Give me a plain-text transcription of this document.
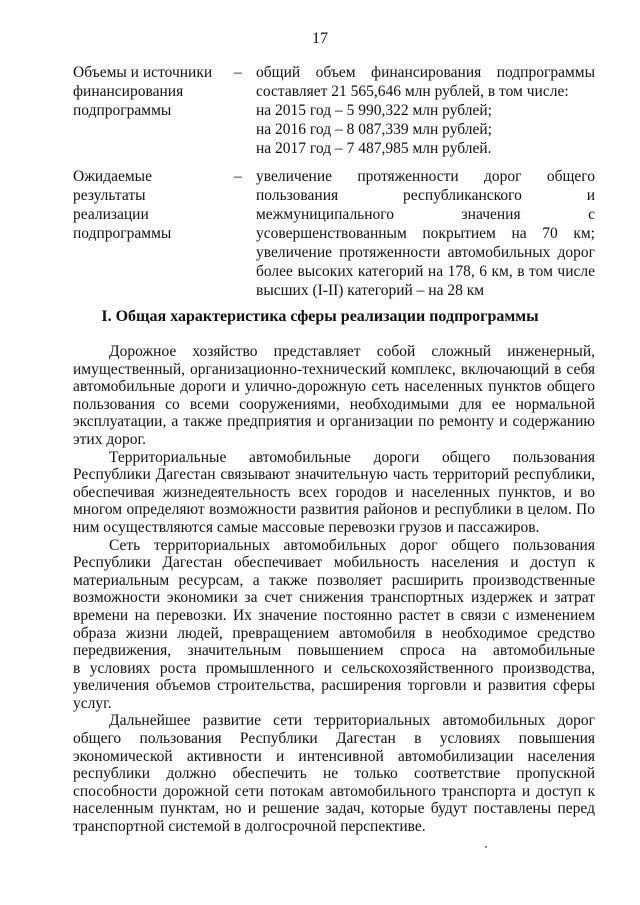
17
Объемы и источники
финансирования
подпрограммы
– общий объем финансирования подпрограммы
составляет 21 565,646 млн рублей, в том числе:
на 2015 год – 5 990,322 млн рублей;
на 2016 год – 8 087,339 млн рублей;
на 2017 год – 7 487,985 млн рублей.
Ожидаемые результаты
реализации
подпрограммы
– увеличение протяженности дорог общего
пользования республиканского и
межмуниципального значения с
усовершенствованным покрытием на 70 км;
увеличение протяженности автомобильных дорог
более высоких категорий на 178, 6 км, в том числе
высших (I-II) категорий – на 28 км
I. Общая характеристика сферы реализации подпрограммы
Дорожное хозяйство представляет собой сложный инженерный,
имущественный, организационно-технический комплекс, включающий в себя
автомобильные дороги и улично-дорожную сеть населенных пунктов общего
пользования со всеми сооружениями, необходимыми для ее нормальной
эксплуатации, а также предприятия и организации по ремонту и содержанию
этих дорог.
Территориальные автомобильные дороги общего пользования
Республики Дагестан связывают значительную часть территорий республики,
обеспечивая жизнедеятельность всех городов и населенных пунктов, и во
многом определяют возможности развития районов и республики в целом. По
ним осуществляются самые массовые перевозки грузов и пассажиров.
Сеть территориальных автомобильных дорог общего пользования
Республики Дагестан обеспечивает мобильность населения и доступ к
материальным ресурсам, а также позволяет расширить производственные
возможности экономики за счет снижения транспортных издержек и затрат
времени на перевозки. Их значение постоянно растет в связи с изменением
образа жизни людей, превращением автомобиля в необходимое средство
передвижения, значительным повышением спроса на автомобильные
в условиях роста промышленного и сельскохозяйственного производства,
увеличения объемов строительства, расширения торговли и развития сферы
услуг.
Дальнейшее развитие сети территориальных автомобильных дорог
общего пользования Республики Дагестан в условиях повышения
экономической активности и интенсивной автомобилизации населения
республики должно обеспечить не только соответствие пропускной
способности дорожной сети потокам автомобильного транспорта и доступ к
населенным пунктам, но и решение задач, которые будут поставлены перед
транспортной системой в долгосрочной перспективе.
